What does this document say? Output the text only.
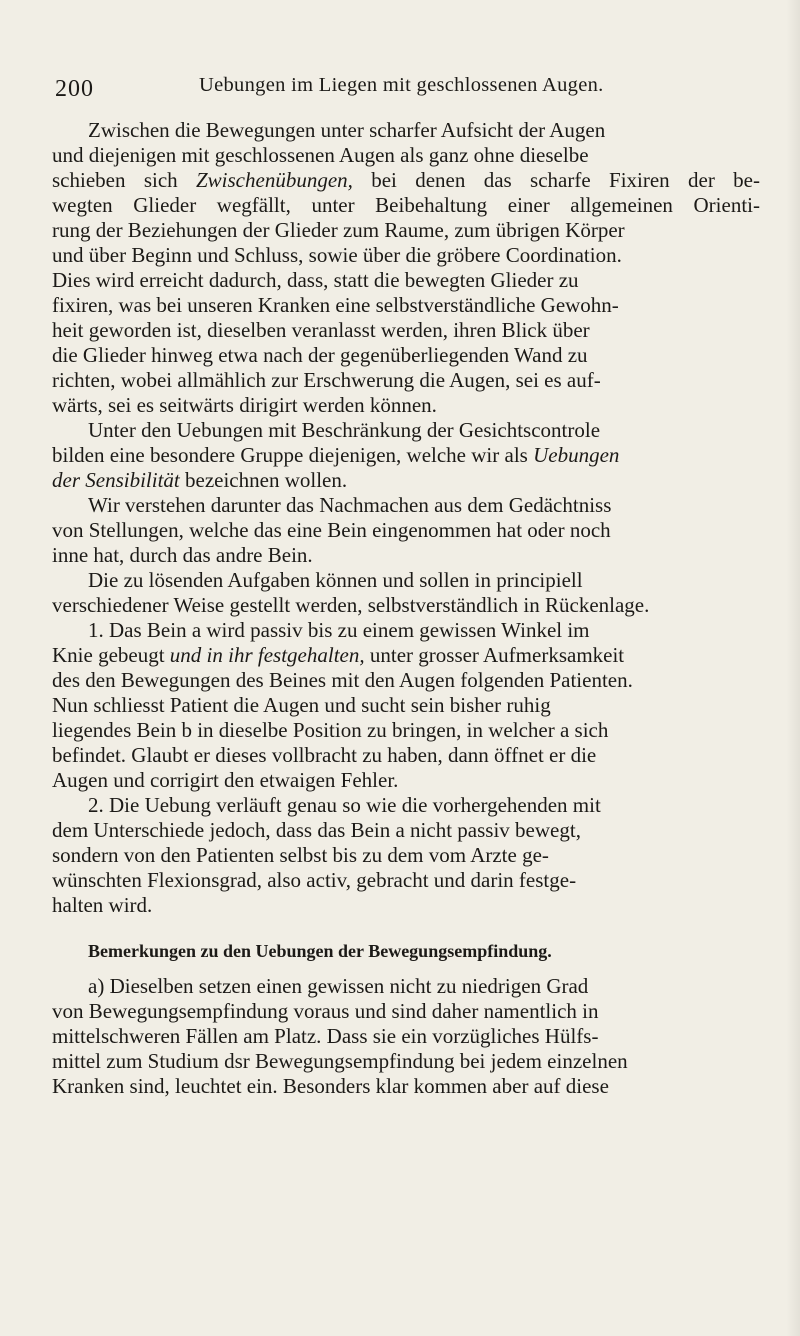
200	Uebungen im Liegen mit geschlossenen Augen.
Zwischen die Bewegungen unter scharfer Aufsicht der Augen
und diejenigen mit geschlossenen Augen als ganz ohne dieselbe
schieben sich Zwischenübungen, bei denen das scharfe Fixiren der be-
wegten Glieder wegfällt, unter Beibehaltung einer allgemeinen Orienti-
rung der Beziehungen der Glieder zum Raume, zum übrigen Körper
und über Beginn und Schluss, sowie über die gröbere Coordination.
Dies wird erreicht dadurch, dass, statt die bewegten Glieder zu
fixiren, was bei unseren Kranken eine selbstverständliche Gewohn-
heit geworden ist, dieselben veranlasst werden, ihren Blick über
die Glieder hinweg etwa nach der gegenüberliegenden Wand zu
richten, wobei allmählich zur Erschwerung die Augen, sei es auf-
wärts, sei es seitwärts dirigirt werden können.
Unter den Uebungen mit Beschränkung der Gesichtscontrole
bilden eine besondere Gruppe diejenigen, welche wir als Uebungen
der Sensibilität bezeichnen wollen.
Wir verstehen darunter das Nachmachen aus dem Gedächtniss
von Stellungen, welche das eine Bein eingenommen hat oder noch
inne hat, durch das andre Bein.
Die zu lösenden Aufgaben können und sollen in principiell
verschiedener Weise gestellt werden, selbstverständlich in Rückenlage.
1. Das Bein a wird passiv bis zu einem gewissen Winkel im
Knie gebeugt und in ihr festgehalten, unter grosser Aufmerksamkeit
des den Bewegungen des Beines mit den Augen folgenden Patienten.
Nun schliesst Patient die Augen und sucht sein bisher ruhig
liegendes Bein b in dieselbe Position zu bringen, in welcher a sich
befindet. Glaubt er dieses vollbracht zu haben, dann öffnet er die
Augen und corrigirt den etwaigen Fehler.
2. Die Uebung verläuft genau so wie die vorhergehenden mit
dem Unterschiede jedoch, dass das Bein a nicht passiv bewegt,
sondern von den Patienten selbst bis zu dem vom Arzte ge-
wünschten Flexionsgrad, also activ, gebracht und darin festge-
halten wird.
Bemerkungen zu den Uebungen der Bewegungsempfindung.
a) Dieselben setzen einen gewissen nicht zu niedrigen Grad
von Bewegungsempfindung voraus und sind daher namentlich in
mittelschweren Fällen am Platz. Dass sie ein vorzügliches Hülfs-
mittel zum Studium dsr Bewegungsempfindung bei jedem einzelnen
Kranken sind, leuchtet ein. Besonders klar kommen aber auf diese
